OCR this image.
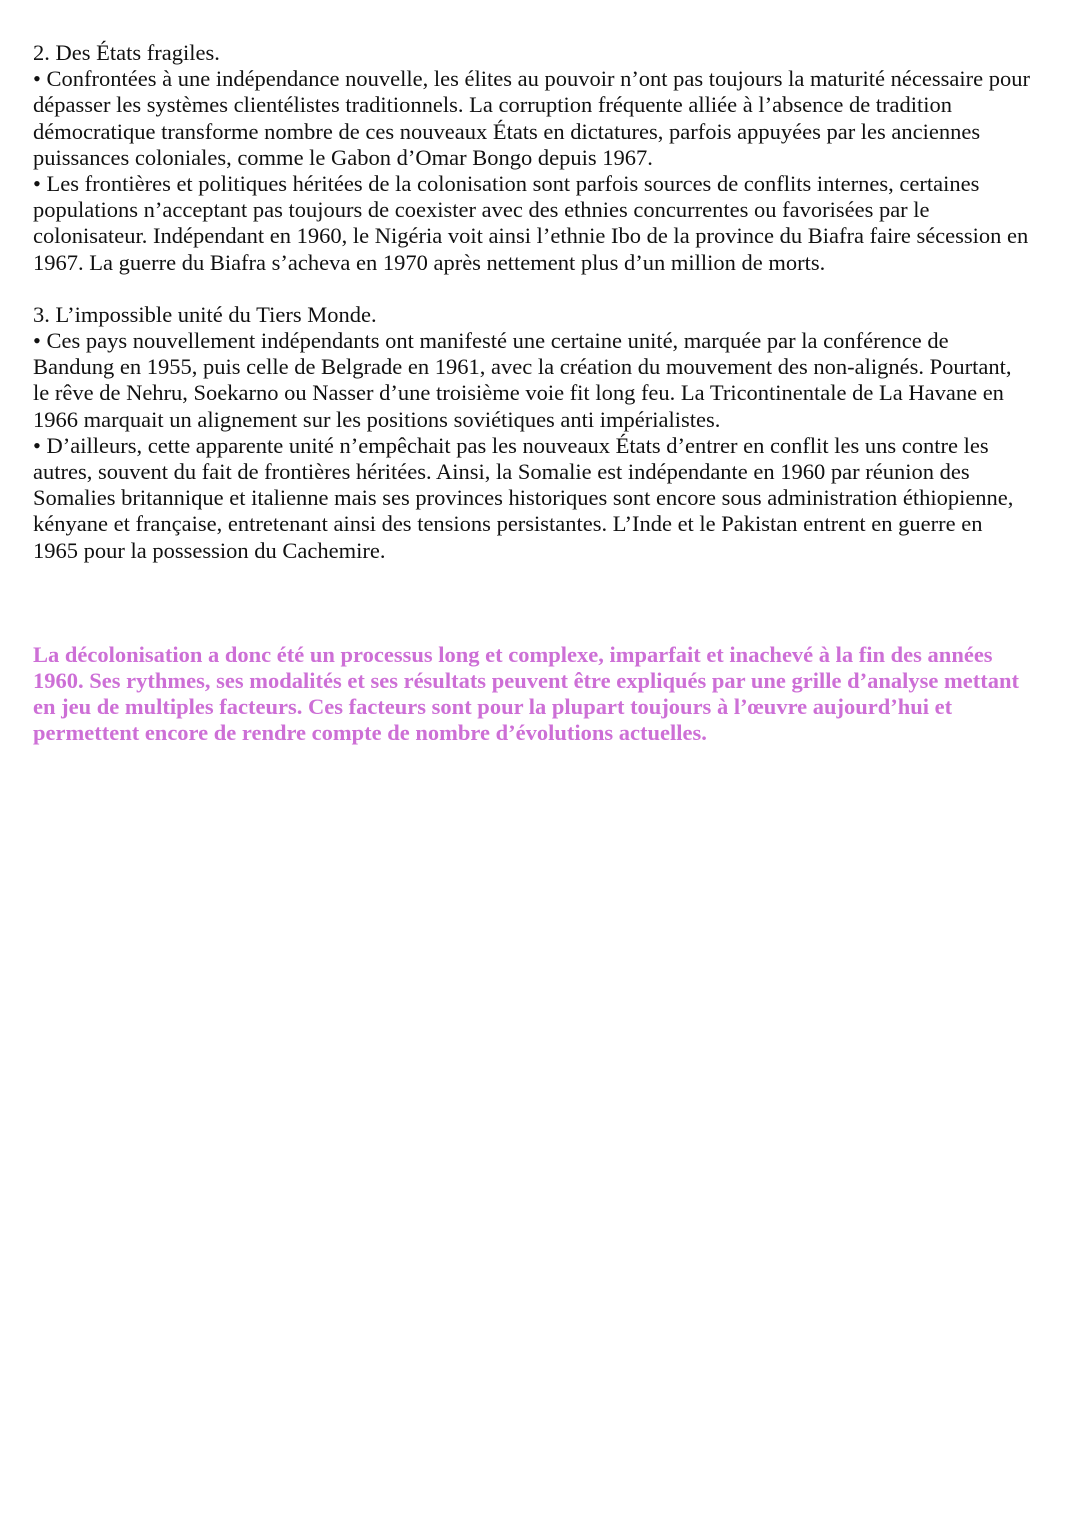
2. Des États fragiles.

• Confrontées à une indépendance nouvelle, les élites au pouvoir n’ont pas toujours la maturité nécessaire pour dépasser les systèmes clientélistes traditionnels. La corruption fréquente alliée à l’absence de tradition démocratique transforme nombre de ces nouveaux États en dictatures, parfois appuyées par les anciennes puissances coloniales, comme le Gabon d’Omar Bongo depuis 1967.

• Les frontières et politiques héritées de la colonisation sont parfois sources de conflits internes, certaines populations n’acceptant pas toujours de coexister avec des ethnies concurrentes ou favorisées par le colonisateur. Indépendant en 1960, le Nigéria voit ainsi l’ethnie Ibo de la province du Biafra faire sécession en 1967. La guerre du Biafra s’acheva en 1970 après nettement plus d’un million de morts.

3. L’impossible unité du Tiers Monde.

• Ces pays nouvellement indépendants ont manifesté une certaine unité, marquée par la conférence de Bandung en 1955, puis celle de Belgrade en 1961, avec la création du mouvement des non-alignés. Pourtant, le rêve de Nehru, Soekarno ou Nasser d’une troisième voie fit long feu. La Tricontinentale de La Havane en 1966 marquait un alignement sur les positions soviétiques anti impérialistes.

• D’ailleurs, cette apparente unité n’empêchait pas les nouveaux États d’entrer en conflit les uns contre les autres, souvent du fait de frontières héritées. Ainsi, la Somalie est indépendante en 1960 par réunion des Somalies britannique et italienne mais ses provinces historiques sont encore sous administration éthiopienne, kényane et française, entretenant ainsi des tensions persistantes. L’Inde et le Pakistan entrent en guerre en 1965 pour la possession du Cachemire.

La décolonisation a donc été un processus long et complexe, imparfait et inachevé à la fin des années 1960. Ses rythmes, ses modalités et ses résultats peuvent être expliqués par une grille d’analyse mettant en jeu de multiples facteurs. Ces facteurs sont pour la plupart toujours à l’œuvre aujourd’hui et permettent encore de rendre compte de nombre d’évolutions actuelles.
